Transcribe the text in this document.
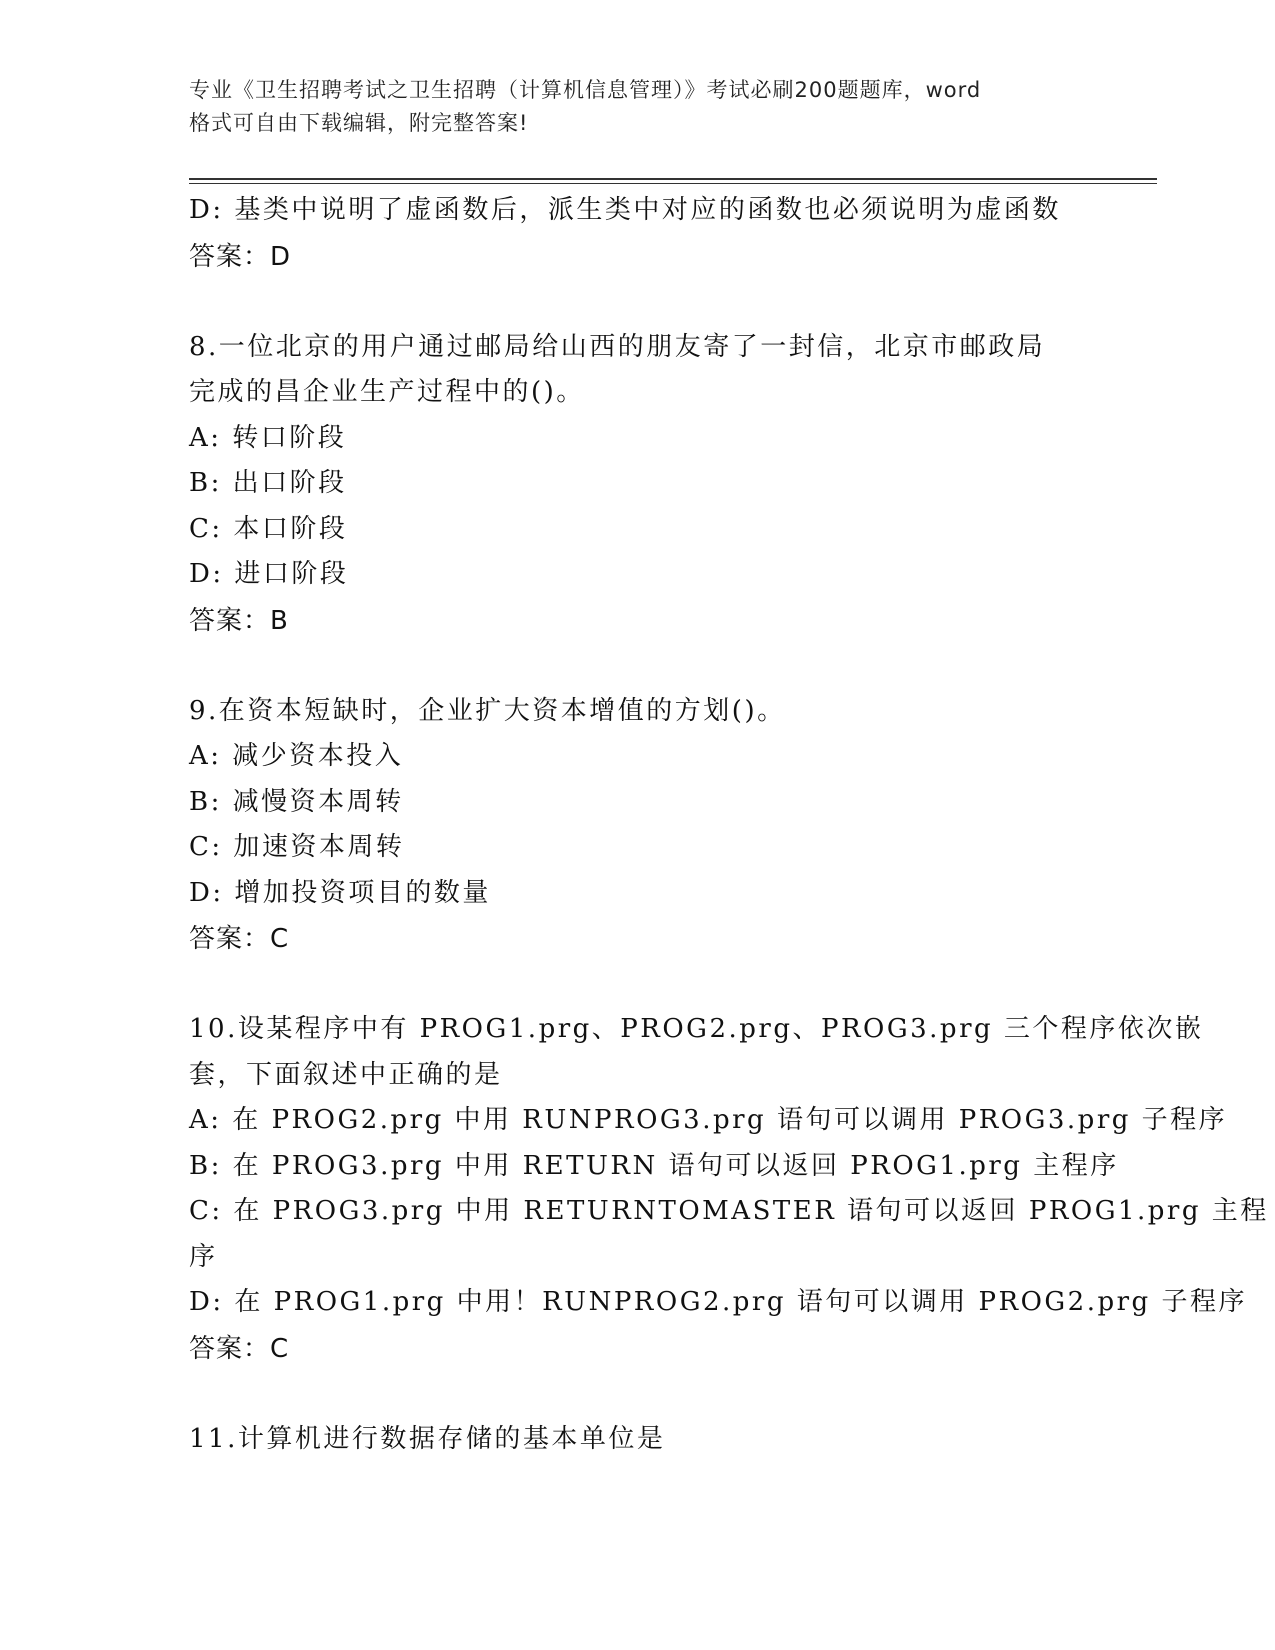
专业《卫生招聘考试之卫生招聘（计算机信息管理）》考试必刷200题题库，word
格式可自由下载编辑，附完整答案!
D: 基类中说明了虚函数后，派生类中对应的函数也必须说明为虚函数
答案：D
8.一位北京的用户通过邮局给山西的朋友寄了一封信，北京市邮政局
完成的昌企业生产过程中的()。
A: 转口阶段
B: 出口阶段
C: 本口阶段
D: 进口阶段
答案：B
9.在资本短缺时，企业扩大资本增值的方划()。
A: 减少资本投入
B: 减慢资本周转
C: 加速资本周转
D: 增加投资项目的数量
答案：C
10.设某程序中有 PROG1.prg、PROG2.prg、PROG3.prg 三个程序依次嵌
套，下面叙述中正确的是
A: 在 PROG2.prg 中用 RUNPROG3.prg 语句可以调用 PROG3.prg 子程序
B: 在 PROG3.prg 中用 RETURN 语句可以返回 PROG1.prg 主程序
C: 在 PROG3.prg 中用 RETURNTOMASTER 语句可以返回 PROG1.prg 主程
序
D: 在 PROG1.prg 中用！RUNPROG2.prg 语句可以调用 PROG2.prg 子程序
答案：C
11.计算机进行数据存储的基本单位是
